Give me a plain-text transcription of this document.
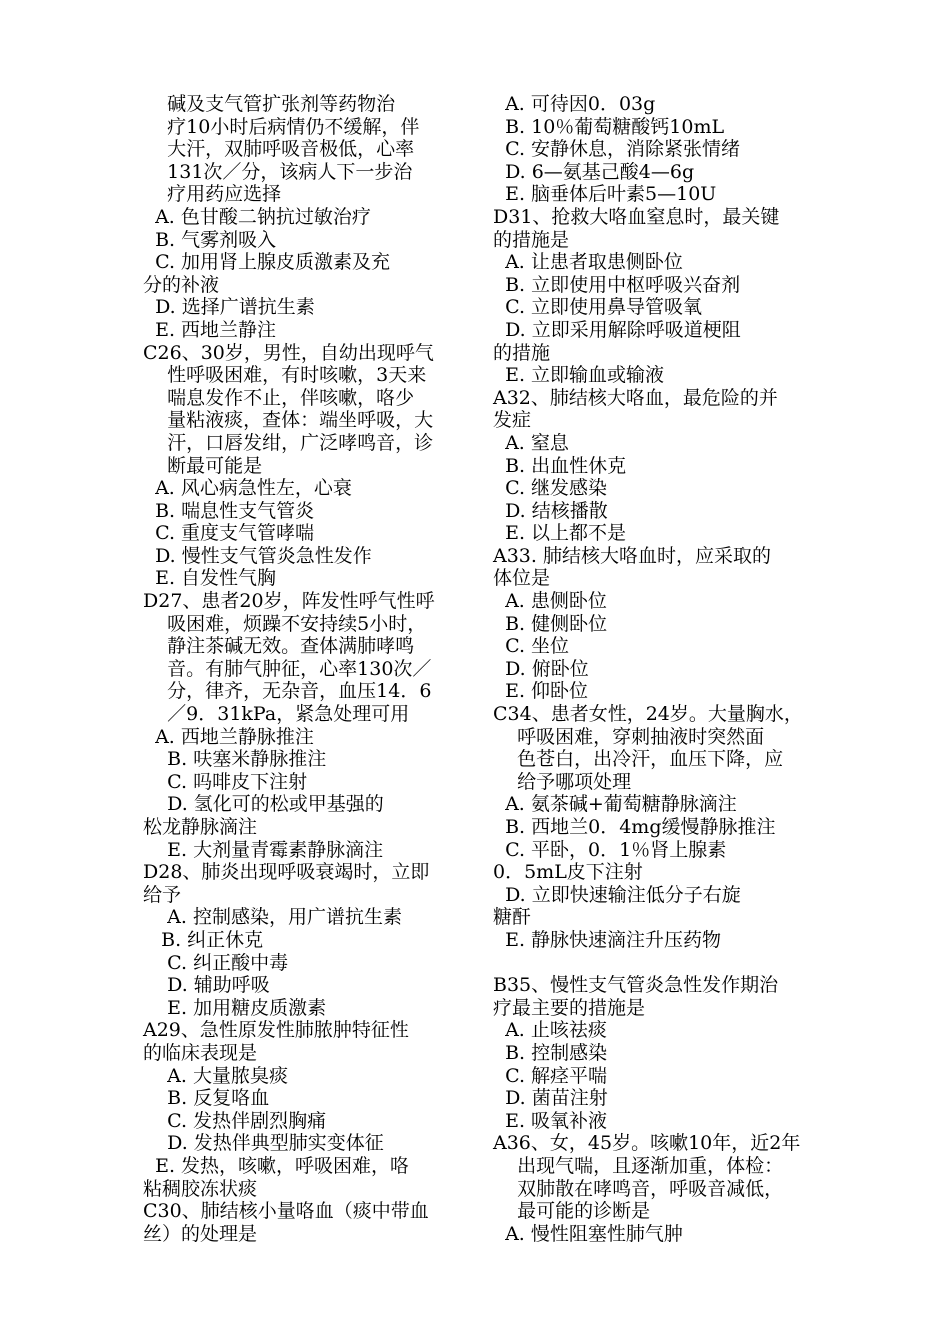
碱及支气管扩张剂等药物治
疗10小时后病情仍不缓解，伴
大汗，双肺呼吸音极低，心率
131次／分，该病人下一步治
疗用药应选择
A. 色甘酸二钠抗过敏治疗
B. 气雾剂吸入
C. 加用肾上腺皮质激素及充
分的补液
D. 选择广谱抗生素
E. 西地兰静注
C26、30岁，男性，自幼出现呼气
性呼吸困难，有时咳嗽，3天来
喘息发作不止，伴咳嗽，咯少
量粘液痰，查体：端坐呼吸，大
汗，口唇发绀，广泛哮鸣音，诊
断最可能是
A. 风心病急性左，心衰
B. 喘息性支气管炎
C. 重度支气管哮喘
D. 慢性支气管炎急性发作
E. 自发性气胸
D27、患者20岁，阵发性呼气性呼
吸困难，烦躁不安持续5小时，
静注茶碱无效。查体满肺哮鸣
音。有肺气肿征，心率130次／
分，律齐，无杂音，血压14．6
／9．31kPa，紧急处理可用
A. 西地兰静脉推注
B. 呋塞米静脉推注
C. 吗啡皮下注射
D. 氢化可的松或甲基强的
松龙静脉滴注
E. 大剂量青霉素静脉滴注
D28、肺炎出现呼吸衰竭时，立即
给予
A. 控制感染，用广谱抗生素
B. 纠正休克
C. 纠正酸中毒
D. 辅助呼吸
E. 加用糖皮质激素
A29、急性原发性肺脓肿特征性
的临床表现是
A. 大量脓臭痰
B. 反复咯血
C. 发热伴剧烈胸痛
D. 发热伴典型肺实变体征
E. 发热，咳嗽，呼吸困难，咯
粘稠胶冻状痰
C30、肺结核小量咯血（痰中带血
丝）的处理是
A. 可待因0．03g
B. 10％葡萄糖酸钙10mL
C. 安静休息，消除紧张情绪
D. 6—氨基己酸4—6g
E. 脑垂体后叶素5—10U
D31、抢救大咯血窒息时，最关键
的措施是
A. 让患者取患侧卧位
B. 立即使用中枢呼吸兴奋剂
C. 立即使用鼻导管吸氧
D. 立即采用解除呼吸道梗阻
的措施
E. 立即输血或输液
A32、肺结核大咯血，最危险的并
发症
A. 窒息
B. 出血性休克
C. 继发感染
D. 结核播散
E. 以上都不是
A33. 肺结核大咯血时，应采取的
体位是
A. 患侧卧位
B. 健侧卧位
C. 坐位
D. 俯卧位
E. 仰卧位
C34、患者女性，24岁。大量胸水，
呼吸困难，穿刺抽液时突然面
色苍白，出冷汗，血压下降，应
给予哪项处理
A. 氨茶碱+葡萄糖静脉滴注
B. 西地兰0．4mg缓慢静脉推注
C. 平卧，0．1％肾上腺素
0．5mL皮下注射
D. 立即快速输注低分子右旋
糖酐
E. 静脉快速滴注升压药物
B35、慢性支气管炎急性发作期治
疗最主要的措施是
A. 止咳祛痰
B. 控制感染
C. 解痉平喘
D. 菌苗注射
E. 吸氧补液
A36、女，45岁。咳嗽10年，近2年
出现气喘，且逐渐加重，体检：
双肺散在哮鸣音，呼吸音减低，
最可能的诊断是
A. 慢性阻塞性肺气肿
